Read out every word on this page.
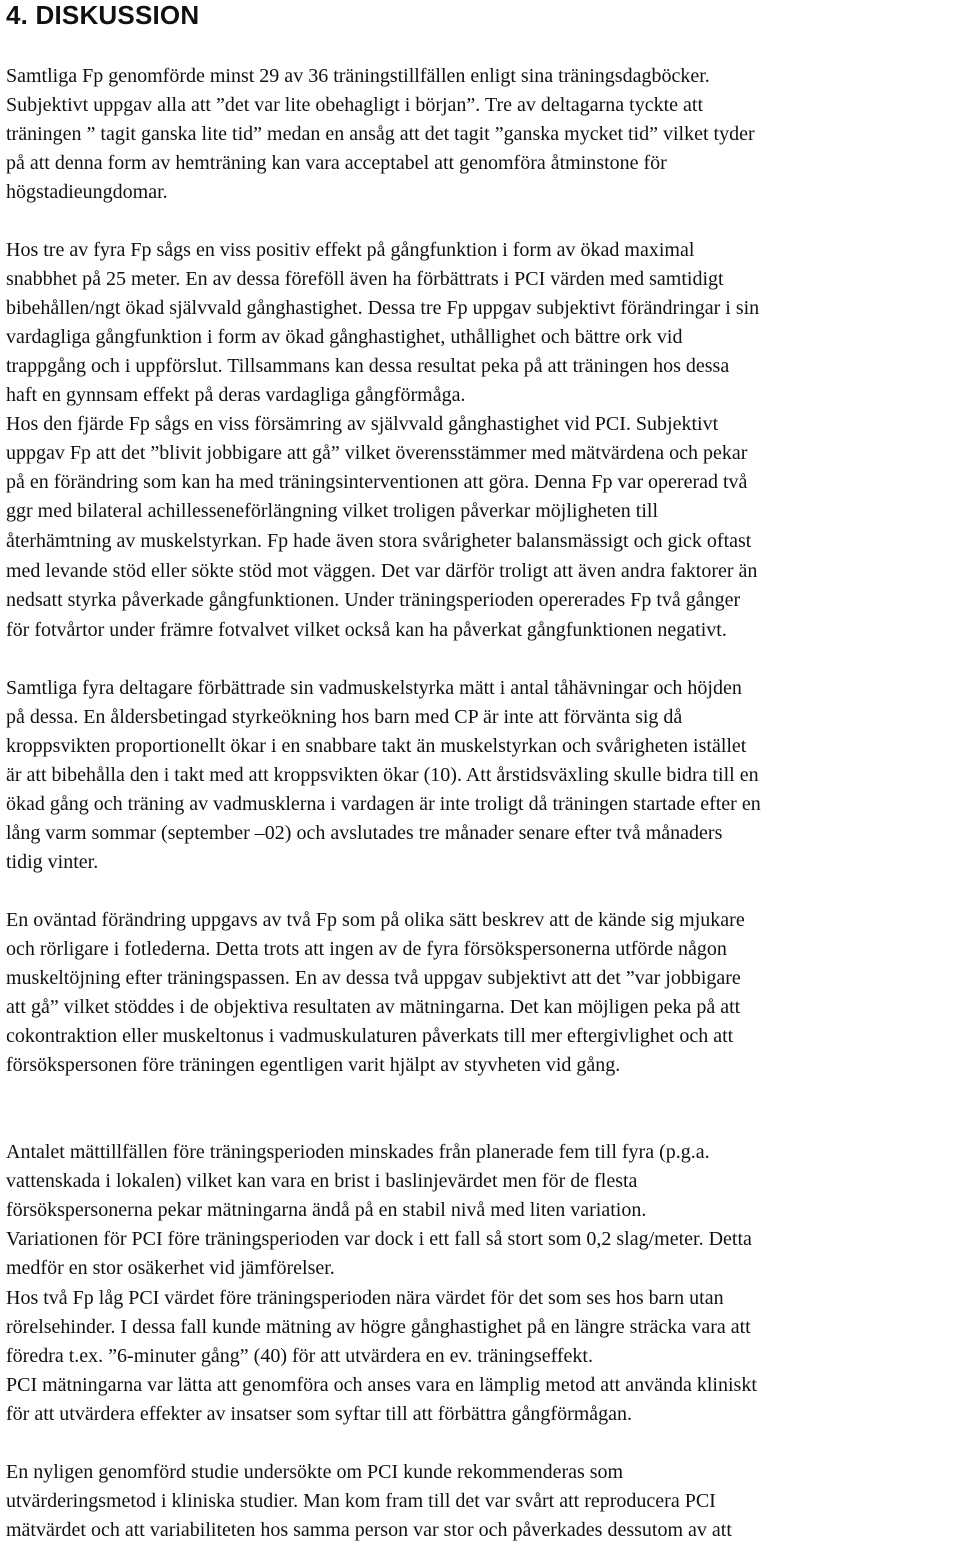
4. DISKUSSION

Samtliga Fp genomförde minst 29 av 36 träningstillfällen enligt sina träningsdagböcker.

Subjektivt uppgav alla att ”det var lite obehagligt i början”. Tre av deltagarna tyckte att

träningen ” tagit ganska lite tid” medan en ansåg att det tagit ”ganska mycket tid” vilket tyder

på att denna form av hemträning kan vara acceptabel att genomföra åtminstone för

högstadieungdomar.

Hos tre av fyra Fp sågs en viss positiv effekt på gångfunktion i form av ökad maximal

snabbhet på 25 meter. En av dessa föreföll även ha förbättrats i PCI värden med samtidigt

bibehållen/ngt ökad självvald gånghastighet. Dessa tre Fp uppgav subjektivt förändringar i sin

vardagliga gångfunktion i form av ökad gånghastighet, uthållighet och bättre ork vid

trappgång och i uppförslut. Tillsammans kan dessa resultat peka på att träningen hos dessa

haft en gynnsam effekt på deras vardagliga gångförmåga.

Hos den fjärde Fp sågs en viss försämring av självvald gånghastighet vid PCI. Subjektivt

uppgav Fp att det ”blivit jobbigare att gå” vilket överensstämmer med mätvärdena och pekar

på en förändring som kan ha med träningsinterventionen att göra. Denna Fp var opererad två

ggr med bilateral achillesseneförlängning vilket troligen påverkar möjligheten till

återhämtning av muskelstyrkan. Fp hade även stora svårigheter balansmässigt och gick oftast

med levande stöd eller sökte stöd mot väggen. Det var därför troligt att även andra faktorer än

nedsatt styrka påverkade gångfunktionen. Under träningsperioden opererades Fp två gånger

för fotvårtor under främre fotvalvet vilket också kan ha påverkat gångfunktionen negativt.

Samtliga fyra deltagare förbättrade sin vadmuskelstyrka mätt i antal tåhävningar och höjden

på dessa. En åldersbetingad styrkeökning hos barn med CP är inte att förvänta sig då

kroppsvikten proportionellt ökar i en snabbare takt än muskelstyrkan och svårigheten istället

är att bibehålla den i takt med att kroppsvikten ökar (10). Att årstidsväxling skulle bidra till en

ökad gång och träning av vadmusklerna i vardagen är inte troligt då träningen startade efter en

lång varm sommar (september –02) och avslutades tre månader senare efter två månaders

tidig vinter.

En oväntad förändring uppgavs av två Fp som på olika sätt beskrev att de kände sig mjukare

och rörligare i fotlederna. Detta trots att ingen av de fyra försökspersonerna utförde någon

muskeltöjning efter träningspassen. En av dessa två uppgav subjektivt att det ”var jobbigare

att gå” vilket stöddes i de objektiva resultaten av mätningarna. Det kan möjligen peka på att

cokontraktion eller muskeltonus i vadmuskulaturen påverkats till mer eftergivlighet och att

försökspersonen före träningen egentligen varit hjälpt av styvheten vid gång.

Antalet mättillfällen före träningsperioden minskades från planerade fem till fyra (p.g.a.

vattenskada i lokalen) vilket kan vara en brist i baslinjevärdet men för de flesta

försökspersonerna pekar mätningarna ändå på en stabil nivå med liten variation.

Variationen för PCI före träningsperioden var dock i ett fall så stort som 0,2 slag/meter. Detta

medför en stor osäkerhet vid jämförelser.

Hos två Fp låg PCI värdet före träningsperioden nära värdet för det som ses hos barn utan

rörelsehinder. I dessa fall kunde mätning av högre gånghastighet på en längre sträcka vara att

föredra t.ex. ”6-minuter gång” (40) för att utvärdera en ev. träningseffekt.

PCI mätningarna var lätta att genomföra och anses vara en lämplig metod att använda kliniskt

för att utvärdera effekter av insatser som syftar till att förbättra gångförmågan.

En nyligen genomförd studie undersökte om PCI kunde rekommenderas som

utvärderingsmetod i kliniska studier. Man kom fram till det var svårt att reproducera PCI

mätvärdet och att variabiliteten hos samma person var stor och påverkades dessutom av att
